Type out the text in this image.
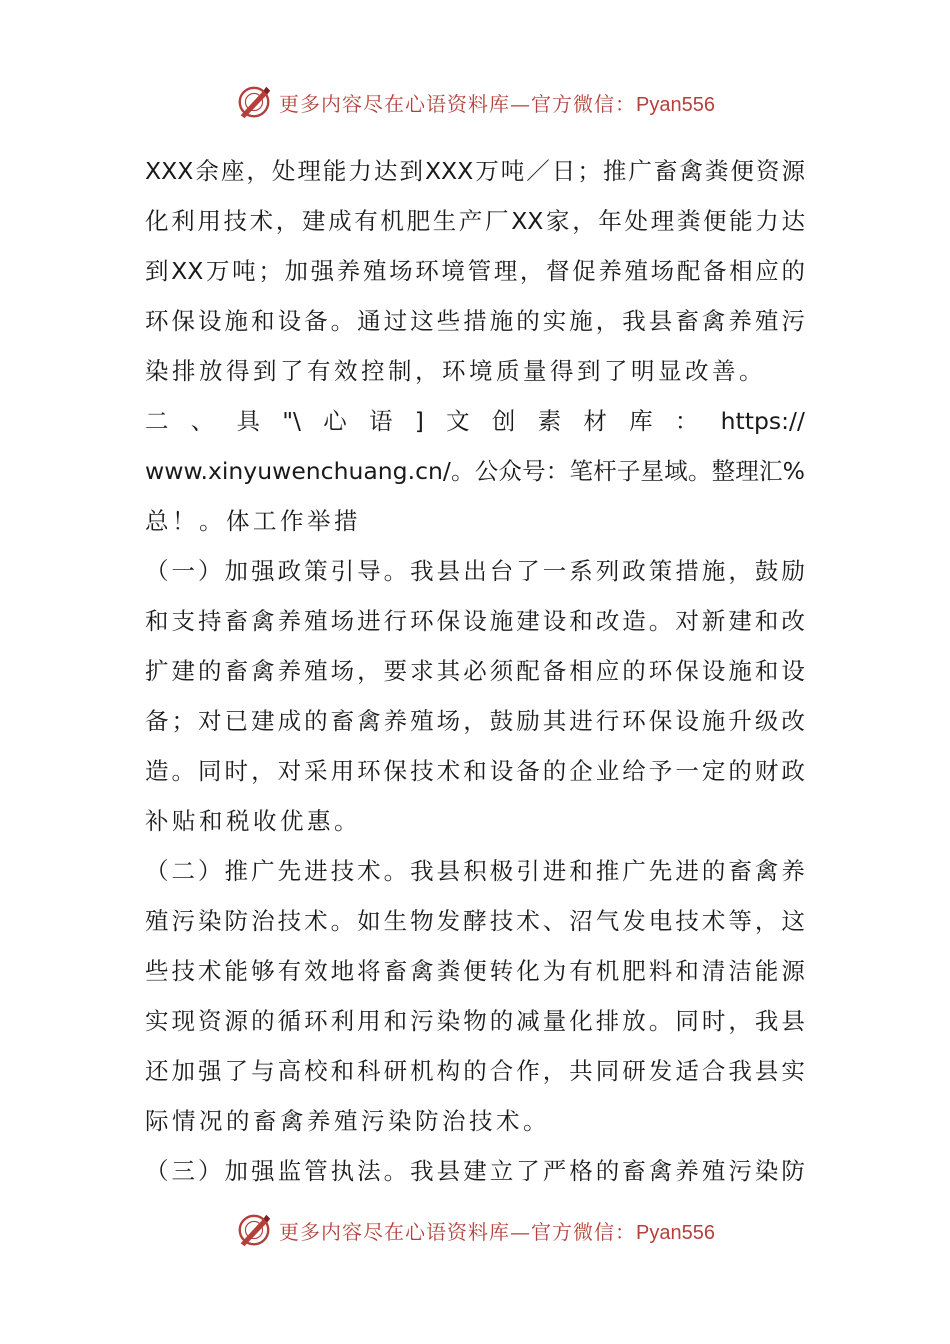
更多内容尽在心语资料库—官方微信：Pyan556
XXX 余 座 ， 处 理 能 力 达 到 XXX 万 吨 ／ 日 ； 推 广 畜 禽 粪 便 资 源
化 利 用 技 术 ， 建 成 有 机 肥 生 产 厂 XX 家 ， 年 处 理 粪 便 能 力 达
到 XX 万 吨 ； 加 强 养 殖 场 环 境 管 理 ， 督 促 养 殖 场 配 备 相 应 的
环 保 设 施 和 设 备 。 通 过 这 些 措 施 的 实 施 ， 我 县 畜 禽 养 殖 污
染 排 放 得 到 了 有 效 控 制 ， 环 境 质 量 得 到 了 明 显 改 善 。
二 、 具 "\ 心 语 ] 文 创 素 材 库 ： https://
www.xinyuwenchuang.cn/ 。 公 众 号 ： 笔 杆 子 星 域 。 整 理 汇 %
总 ！ 。 体 工 作 举 措
（ 一 ） 加 强 政 策 引 导 。 我 县 出 台 了 一 系 列 政 策 措 施 ， 鼓 励
和 支 持 畜 禽 养 殖 场 进 行 环 保 设 施 建 设 和 改 造 。 对 新 建 和 改
扩 建 的 畜 禽 养 殖 场 ， 要 求 其 必 须 配 备 相 应 的 环 保 设 施 和 设
备 ； 对 已 建 成 的 畜 禽 养 殖 场 ， 鼓 励 其 进 行 环 保 设 施 升 级 改
造 。 同 时 ， 对 采 用 环 保 技 术 和 设 备 的 企 业 给 予 一 定 的 财 政
补 贴 和 税 收 优 惠 。
（ 二 ） 推 广 先 进 技 术 。 我 县 积 极 引 进 和 推 广 先 进 的 畜 禽 养
殖 污 染 防 治 技 术 。 如 生 物 发 酵 技 术 、 沼 气 发 电 技 术 等 ， 这
些 技 术 能 够 有 效 地 将 畜 禽 粪 便 转 化 为 有 机 肥 料 和 清 洁 能 源
实 现 资 源 的 循 环 利 用 和 污 染 物 的 减 量 化 排 放 。 同 时 ， 我 县
还 加 强 了 与 高 校 和 科 研 机 构 的 合 作 ， 共 同 研 发 适 合 我 县 实
际 情 况 的 畜 禽 养 殖 污 染 防 治 技 术 。
（ 三 ） 加 强 监 管 执 法 。 我 县 建 立 了 严 格 的 畜 禽 养 殖 污 染 防
更多内容尽在心语资料库—官方微信：Pyan556
